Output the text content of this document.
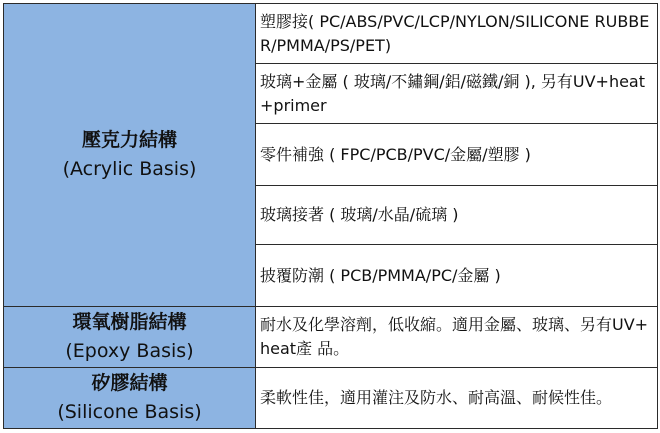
壓克力結構
(Acrylic Basis)	塑膠接( PC/ABS/PVC/LCP/NYLON/SILICONE RUBBER/PMMA/PS/PET)
	玻璃+金屬 ( 玻璃/不鏽鋼/鋁/磁鐵/銅 ), 另有UV+heat+primer
	零件補強 ( FPC/PCB/PVC/金屬/塑膠 )
	玻璃接著 ( 玻璃/水晶/硫璃 )
	披覆防潮 ( PCB/PMMA/PC/金屬 )

環氧樹脂結構
(Epoxy Basis)	耐水及化學溶劑，低收縮。適用金屬、玻璃、另有UV+heat產 品。

矽膠結構
(Silicone Basis)	柔軟性佳，適用灌注及防水、耐高溫、耐候性佳。
